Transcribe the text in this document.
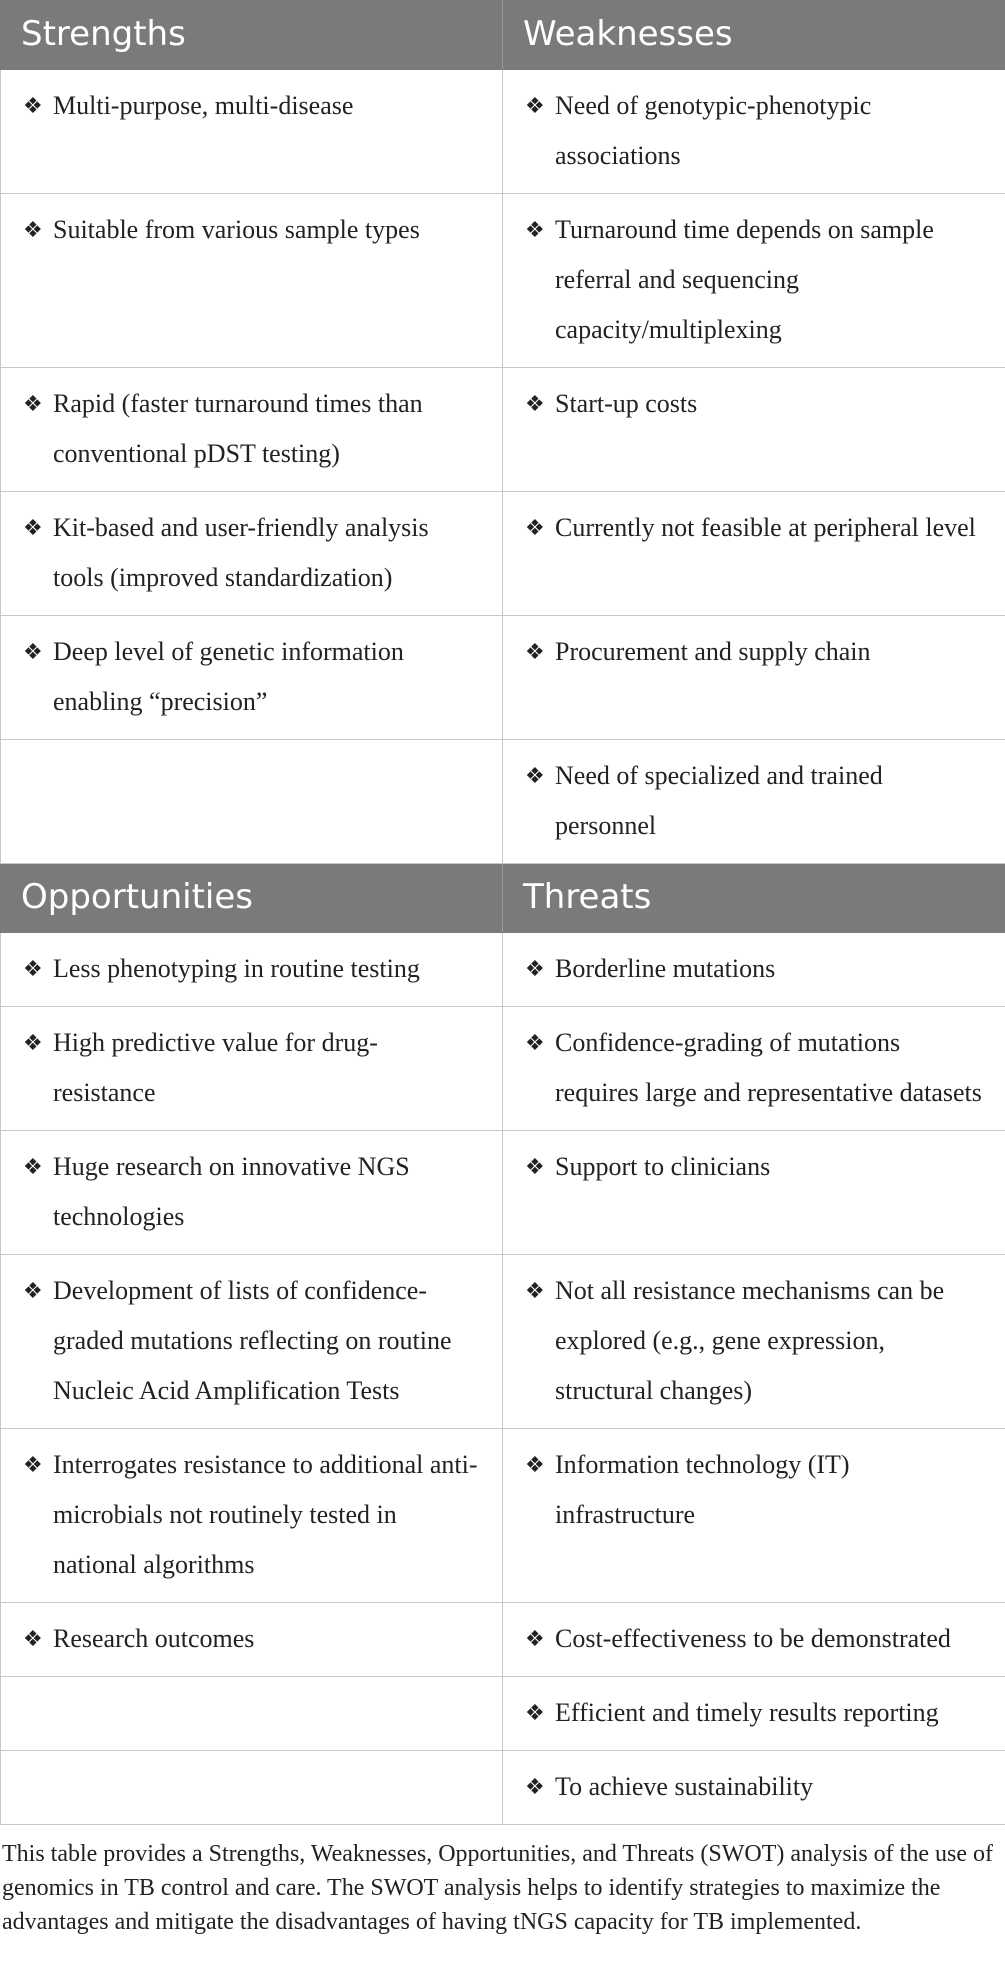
Strengths	Weaknesses

❖ Multi-purpose, multi-disease	❖ Need of genotypic-phenotypic associations

❖ Suitable from various sample types	❖ Turnaround time depends on sample referral and sequencing capacity/multiplexing

❖ Rapid (faster turnaround times than conventional pDST testing)	❖ Start-up costs

❖ Kit-based and user-friendly analysis tools (improved standardization)	❖ Currently not feasible at peripheral level

❖ Deep level of genetic information enabling “precision”	❖ Procurement and supply chain

	❖ Need of specialized and trained personnel

Opportunities	Threats

❖ Less phenotyping in routine testing	❖ Borderline mutations

❖ High predictive value for drug-resistance	❖ Confidence-grading of mutations requires large and representative datasets

❖ Huge research on innovative NGS technologies	❖ Support to clinicians

❖ Development of lists of confidence-graded mutations reflecting on routine Nucleic Acid Amplification Tests	❖ Not all resistance mechanisms can be explored (e.g., gene expression, structural changes)

❖ Interrogates resistance to additional anti-microbials not routinely tested in national algorithms	❖ Information technology (IT) infrastructure

❖ Research outcomes	❖ Cost-effectiveness to be demonstrated

	❖ Efficient and timely results reporting

	❖ To achieve sustainability

This table provides a Strengths, Weaknesses, Opportunities, and Threats (SWOT) analysis of the use of genomics in TB control and care. The SWOT analysis helps to identify strategies to maximize the advantages and mitigate the disadvantages of having tNGS capacity for TB implemented.
